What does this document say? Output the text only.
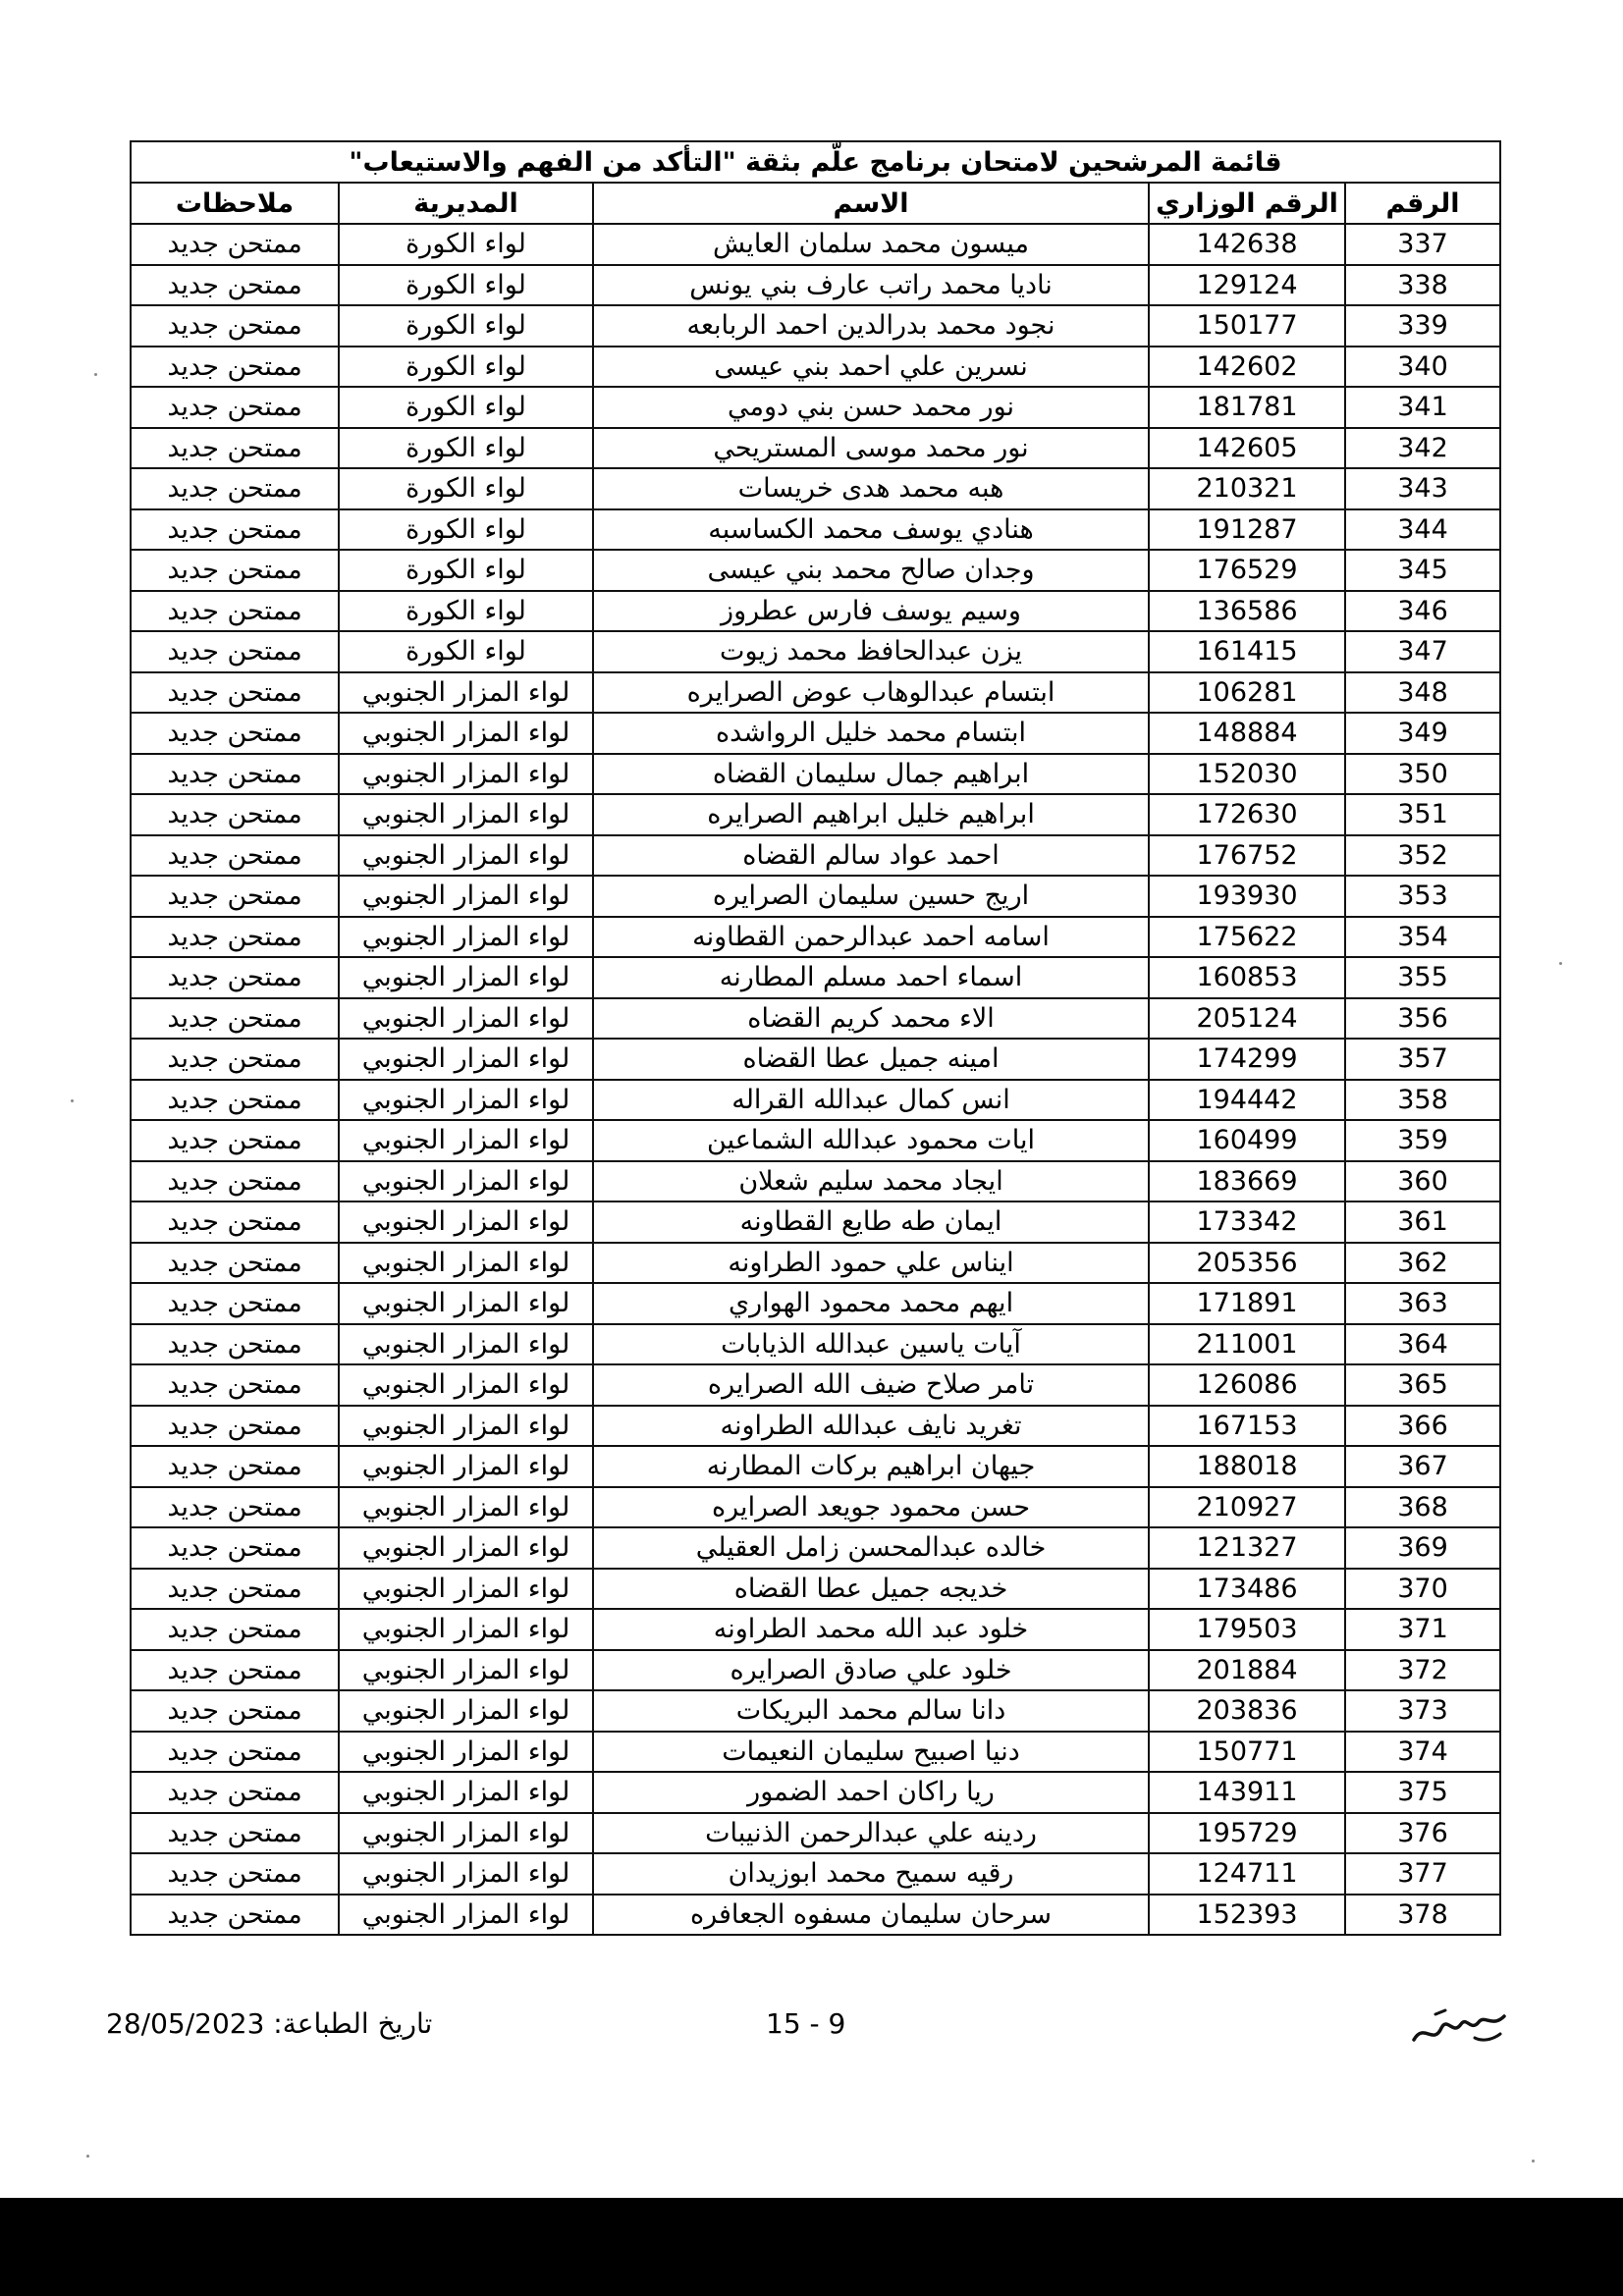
قائمة المرشحين لامتحان برنامج علّم بثقة "التأكد من الفهم والاستيعاب"				
الرقم	الرقم الوزاري	الاسم	المديرية	ملاحظات
337	142638	ميسون محمد سلمان العايش	لواء الكورة	ممتحن جديد
338	129124	ناديا محمد راتب عارف بني يونس	لواء الكورة	ممتحن جديد
339	150177	نجود محمد بدرالدين احمد الربابعه	لواء الكورة	ممتحن جديد
340	142602	نسرين علي احمد بني عيسى	لواء الكورة	ممتحن جديد
341	181781	نور محمد حسن بني دومي	لواء الكورة	ممتحن جديد
342	142605	نور محمد موسى المستريحي	لواء الكورة	ممتحن جديد
343	210321	هبه محمد هدى خريسات	لواء الكورة	ممتحن جديد
344	191287	هنادي يوسف محمد الكساسبه	لواء الكورة	ممتحن جديد
345	176529	وجدان صالح محمد بني عيسى	لواء الكورة	ممتحن جديد
346	136586	وسيم يوسف فارس عطروز	لواء الكورة	ممتحن جديد
347	161415	يزن عبدالحافظ محمد زيوت	لواء الكورة	ممتحن جديد
348	106281	ابتسام عبدالوهاب عوض الصرايره	لواء المزار الجنوبي	ممتحن جديد
349	148884	ابتسام محمد خليل الرواشده	لواء المزار الجنوبي	ممتحن جديد
350	152030	ابراهيم جمال سليمان القضاه	لواء المزار الجنوبي	ممتحن جديد
351	172630	ابراهيم خليل ابراهيم الصرايره	لواء المزار الجنوبي	ممتحن جديد
352	176752	احمد عواد سالم القضاه	لواء المزار الجنوبي	ممتحن جديد
353	193930	اريج حسين سليمان الصرايره	لواء المزار الجنوبي	ممتحن جديد
354	175622	اسامه احمد عبدالرحمن القطاونه	لواء المزار الجنوبي	ممتحن جديد
355	160853	اسماء احمد مسلم المطارنه	لواء المزار الجنوبي	ممتحن جديد
356	205124	الاء محمد كريم القضاه	لواء المزار الجنوبي	ممتحن جديد
357	174299	امينه جميل عطا القضاه	لواء المزار الجنوبي	ممتحن جديد
358	194442	انس كمال عبدالله القراله	لواء المزار الجنوبي	ممتحن جديد
359	160499	ايات محمود عبدالله الشماعين	لواء المزار الجنوبي	ممتحن جديد
360	183669	ايجاد محمد سليم شعلان	لواء المزار الجنوبي	ممتحن جديد
361	173342	ايمان طه طايع القطاونه	لواء المزار الجنوبي	ممتحن جديد
362	205356	ايناس علي حمود الطراونه	لواء المزار الجنوبي	ممتحن جديد
363	171891	ايهم محمد محمود الهواري	لواء المزار الجنوبي	ممتحن جديد
364	211001	آيات ياسين عبدالله الذيابات	لواء المزار الجنوبي	ممتحن جديد
365	126086	تامر صلاح ضيف الله الصرايره	لواء المزار الجنوبي	ممتحن جديد
366	167153	تغريد نايف عبدالله الطراونه	لواء المزار الجنوبي	ممتحن جديد
367	188018	جيهان ابراهيم بركات المطارنه	لواء المزار الجنوبي	ممتحن جديد
368	210927	حسن محمود جويعد الصرايره	لواء المزار الجنوبي	ممتحن جديد
369	121327	خالده عبدالمحسن زامل العقيلي	لواء المزار الجنوبي	ممتحن جديد
370	173486	خديجه جميل عطا القضاه	لواء المزار الجنوبي	ممتحن جديد
371	179503	خلود عبد الله محمد الطراونه	لواء المزار الجنوبي	ممتحن جديد
372	201884	خلود علي صادق الصرايره	لواء المزار الجنوبي	ممتحن جديد
373	203836	دانا سالم محمد البريكات	لواء المزار الجنوبي	ممتحن جديد
374	150771	دنيا اصبيح سليمان النعيمات	لواء المزار الجنوبي	ممتحن جديد
375	143911	ريا راكان احمد الضمور	لواء المزار الجنوبي	ممتحن جديد
376	195729	ردينه علي عبدالرحمن الذنيبات	لواء المزار الجنوبي	ممتحن جديد
377	124711	رقيه سميح محمد ابوزيدان	لواء المزار الجنوبي	ممتحن جديد
378	152393	سرحان سليمان مسفوه الجعافره	لواء المزار الجنوبي	ممتحن جديد
تاريخ الطباعة: 28/05/2023	15 - 9
